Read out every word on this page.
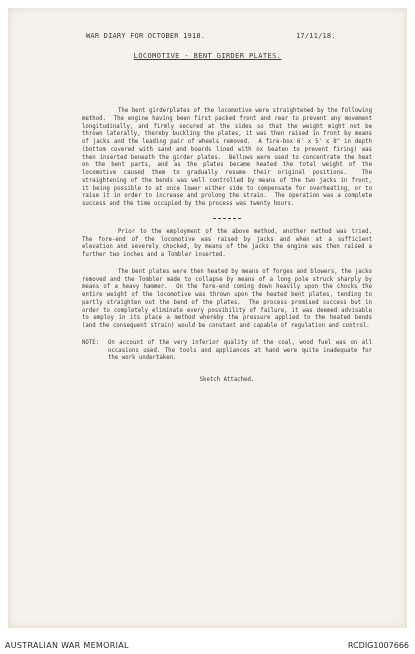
WAR DIARY FOR OCTOBER 1918.	17/11/18.
LOCOMOTIVE - BENT GIRDER PLATES.

The bent girderplates of the locomotive were straightened by the following method.  The engine having been first packed front and rear to prevent any movement longitudinally, and firmly secured at the sides so that the weight might not be thrown laterally, thereby buckling the plates, it was then raised in front by means of jacks and the leading pair of wheels removed.  A fire-box 6' x 5' x 8" in depth (bottom covered with sand and boards lined with ox beaten to prevent firing) was then inserted beneath the girder plates.  Bellows were used to concentrate the heat on the bent parts, and as the plates became heated the total weight of the locomotive caused them to gradually resume their original positions.  The straightening of the bends was well controlled by means of the two jacks in front, it being possible to at once lower either side to compensate for overheating, or to raise it in order to increase and prolong the strain.  The operation was a complete success and the time occupied by the process was twenty hours.

Prior to the employment of the above method, another method was tried.  The fore-end of the locomotive was raised by jacks and when at a sufficient elevation and severely chocked, by means of the jacks the engine was then raised a further two inches and a Tombler inserted.

The bent plates were then heated by means of forges and blowers, the jacks removed and the Tombler made to collapse by means of a long pole struck sharply by means of a heavy hammer.  On the fore-end coming down heavily upon the chocks the entire weight of the locomotive was thrown upon the heated bent plates, tending to partly straighten out the bend of the plates.  The process promised success but in order to completely eliminate every possibility of failure, it was deemed advisable to employ in its place a method whereby the pressure applied to the heated bends (and the consequent strain) would be constant and capable of regulation and control.

NOTE:	On account of the very inferior quality of the coal, wood fuel was on all occasions used. The tools and appliances at hand were quite inadequate for the work undertaken.
Sketch Attached.
AUSTRALIAN WAR MEMORIAL	RCDIG1007666
